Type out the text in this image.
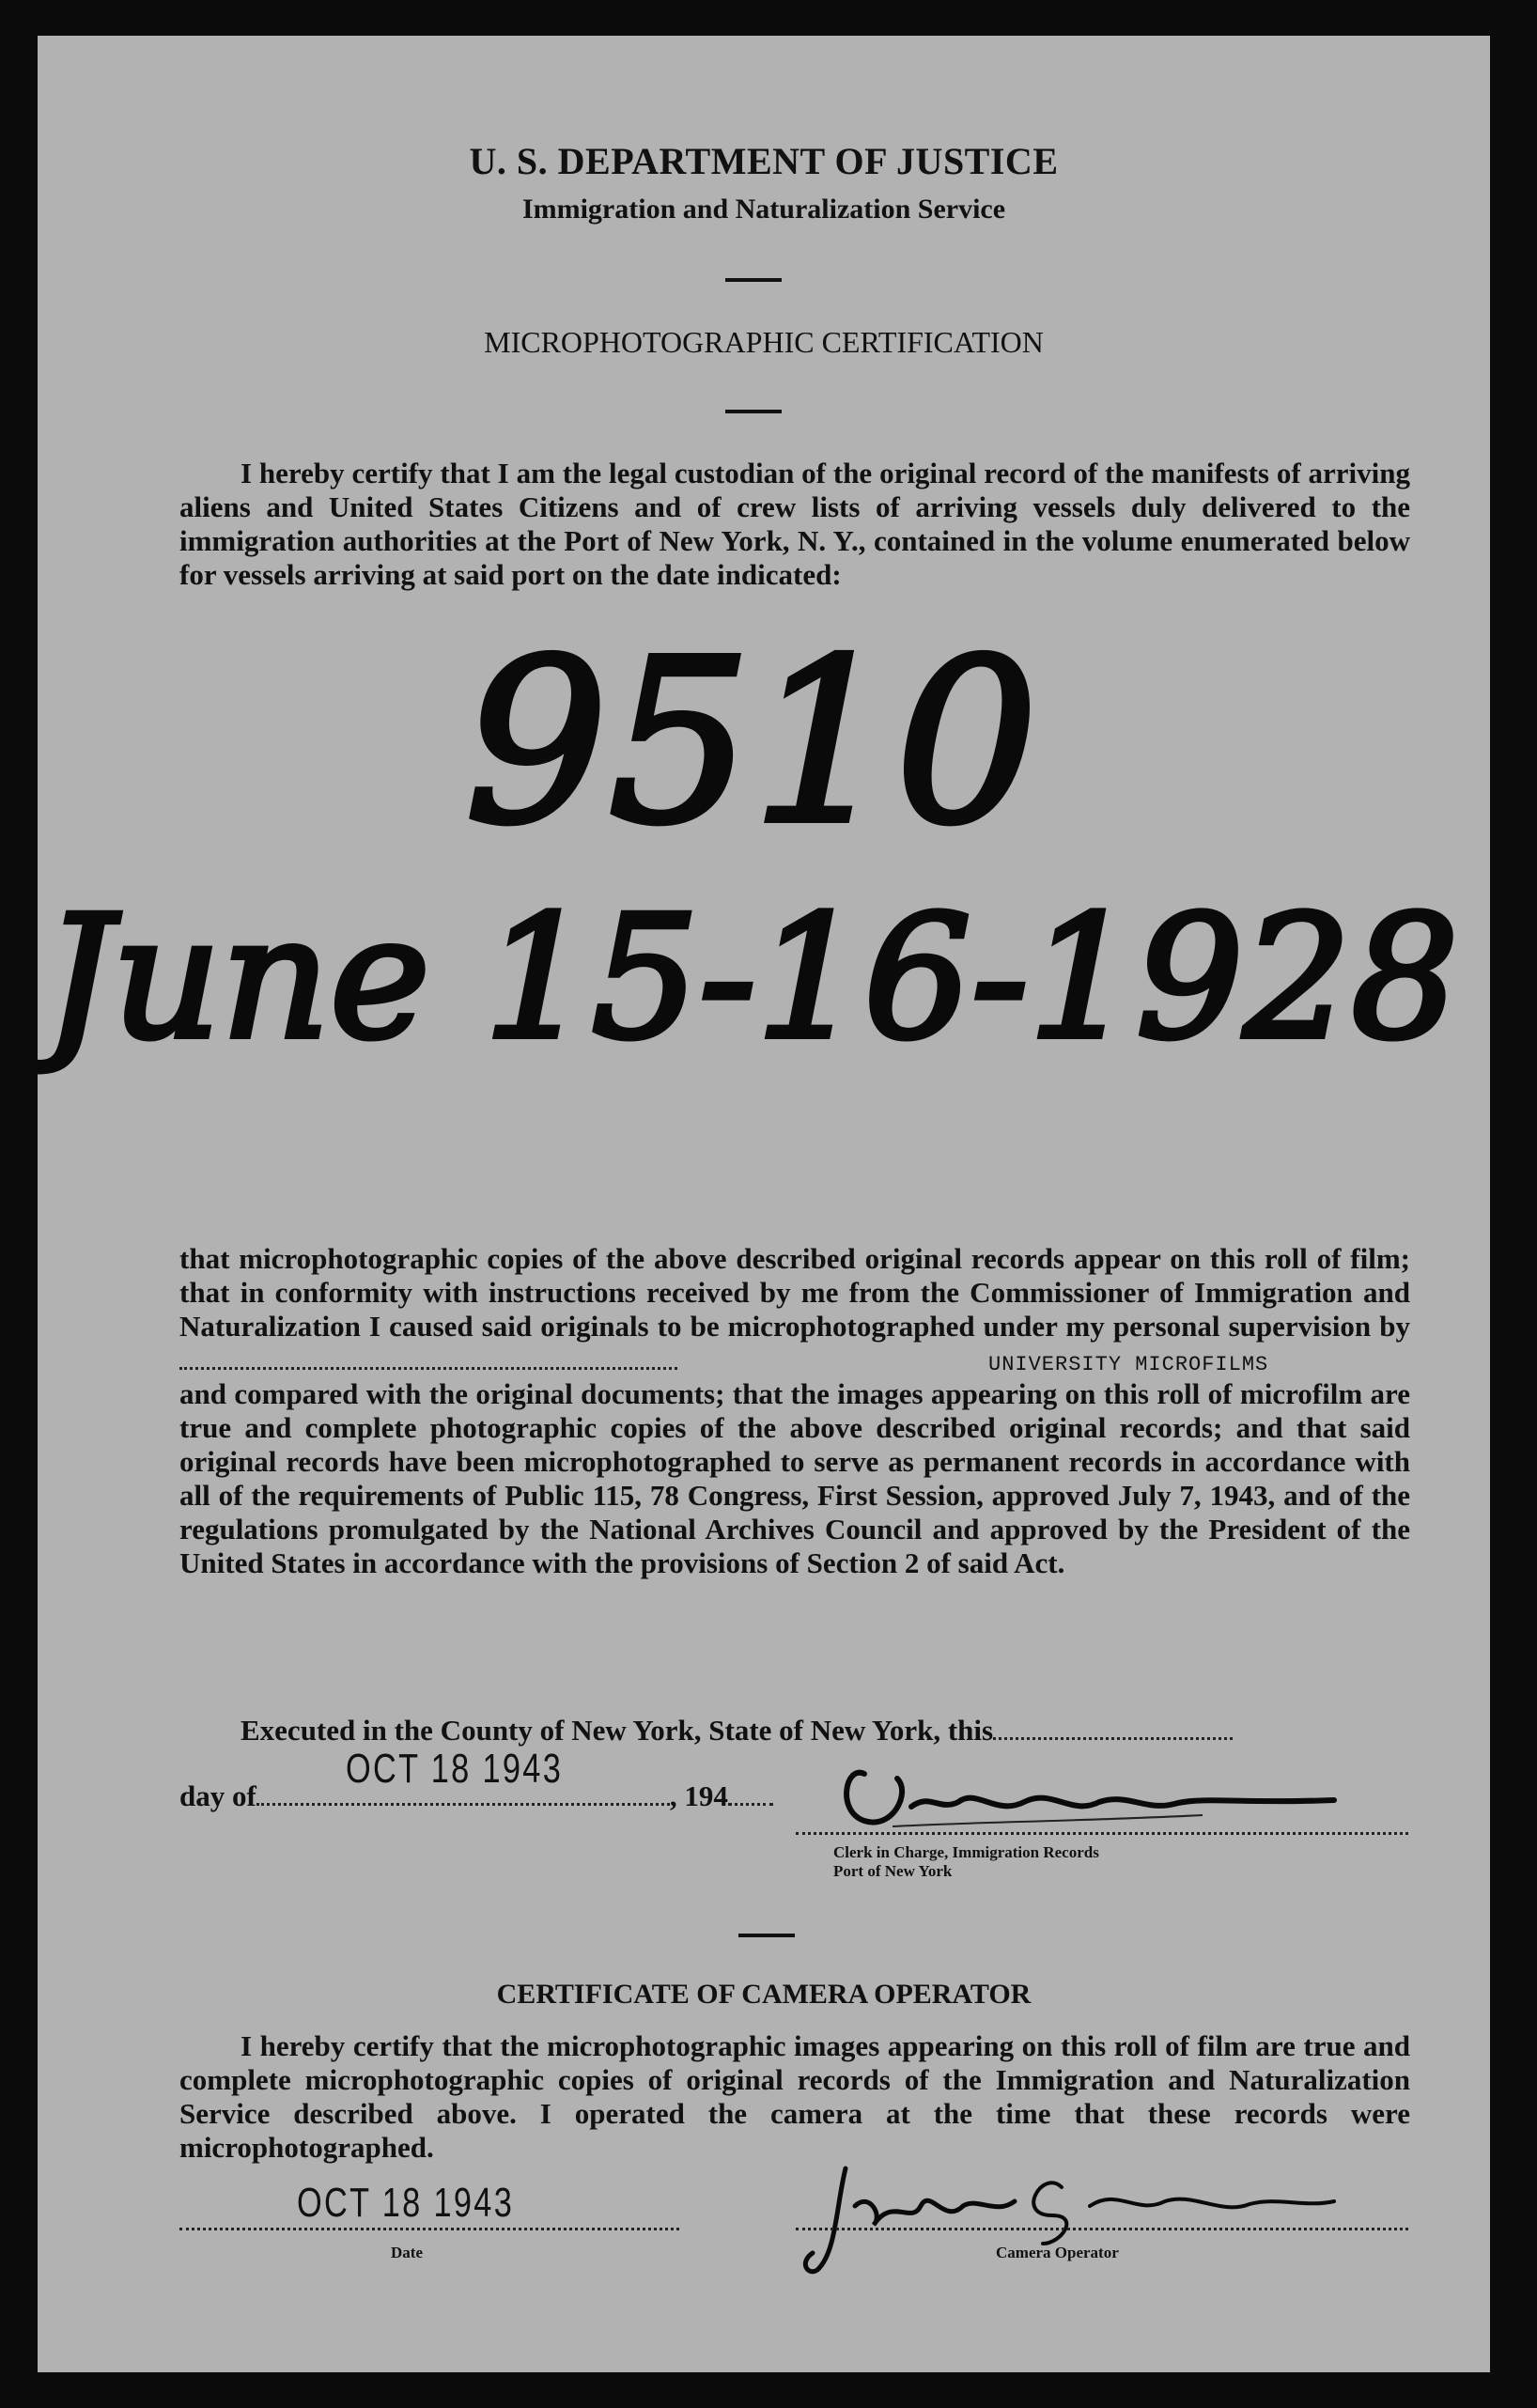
U. S. DEPARTMENT OF JUSTICE
Immigration and Naturalization Service
MICROPHOTOGRAPHIC CERTIFICATION
I hereby certify that I am the legal custodian of the original record of the manifests of arriving aliens and United States Citizens and of crew lists of arriving vessels duly delivered to the immigration authorities at the Port of New York, N. Y., contained in the volume enumerated below for vessels arriving at said port on the date indicated:
9510
June 15-16-1928
that microphotographic copies of the above described original records appear on this roll of film; that in conformity with instructions received by me from the Commissioner of Immigration and Naturalization I caused said originals to be microphotographed under my personal supervision by
and compared with the original documents; that the images appearing on this roll of microfilm are true and complete photographic copies of the above described original records; and that said original records have been microphotographed to serve as permanent records in accordance with all of the requirements of Public 115, 78 Congress, First Session, approved July 7, 1943, and of the regulations promulgated by the National Archives Council and approved by the President of the United States in accordance with the provisions of Section 2 of said Act.
UNIVERSITY MICROFILMS
Executed in the County of New York, State of New York, this
day of	, 194
OCT 18 1943
Clerk in Charge, Immigration Records
Port of New York
CERTIFICATE OF CAMERA OPERATOR
I hereby certify that the microphotographic images appearing on this roll of film are true and complete microphotographic copies of original records of the Immigration and Naturalization Service described above. I operated the camera at the time that these records were microphotographed.
OCT 18 1943
Date	Camera Operator
